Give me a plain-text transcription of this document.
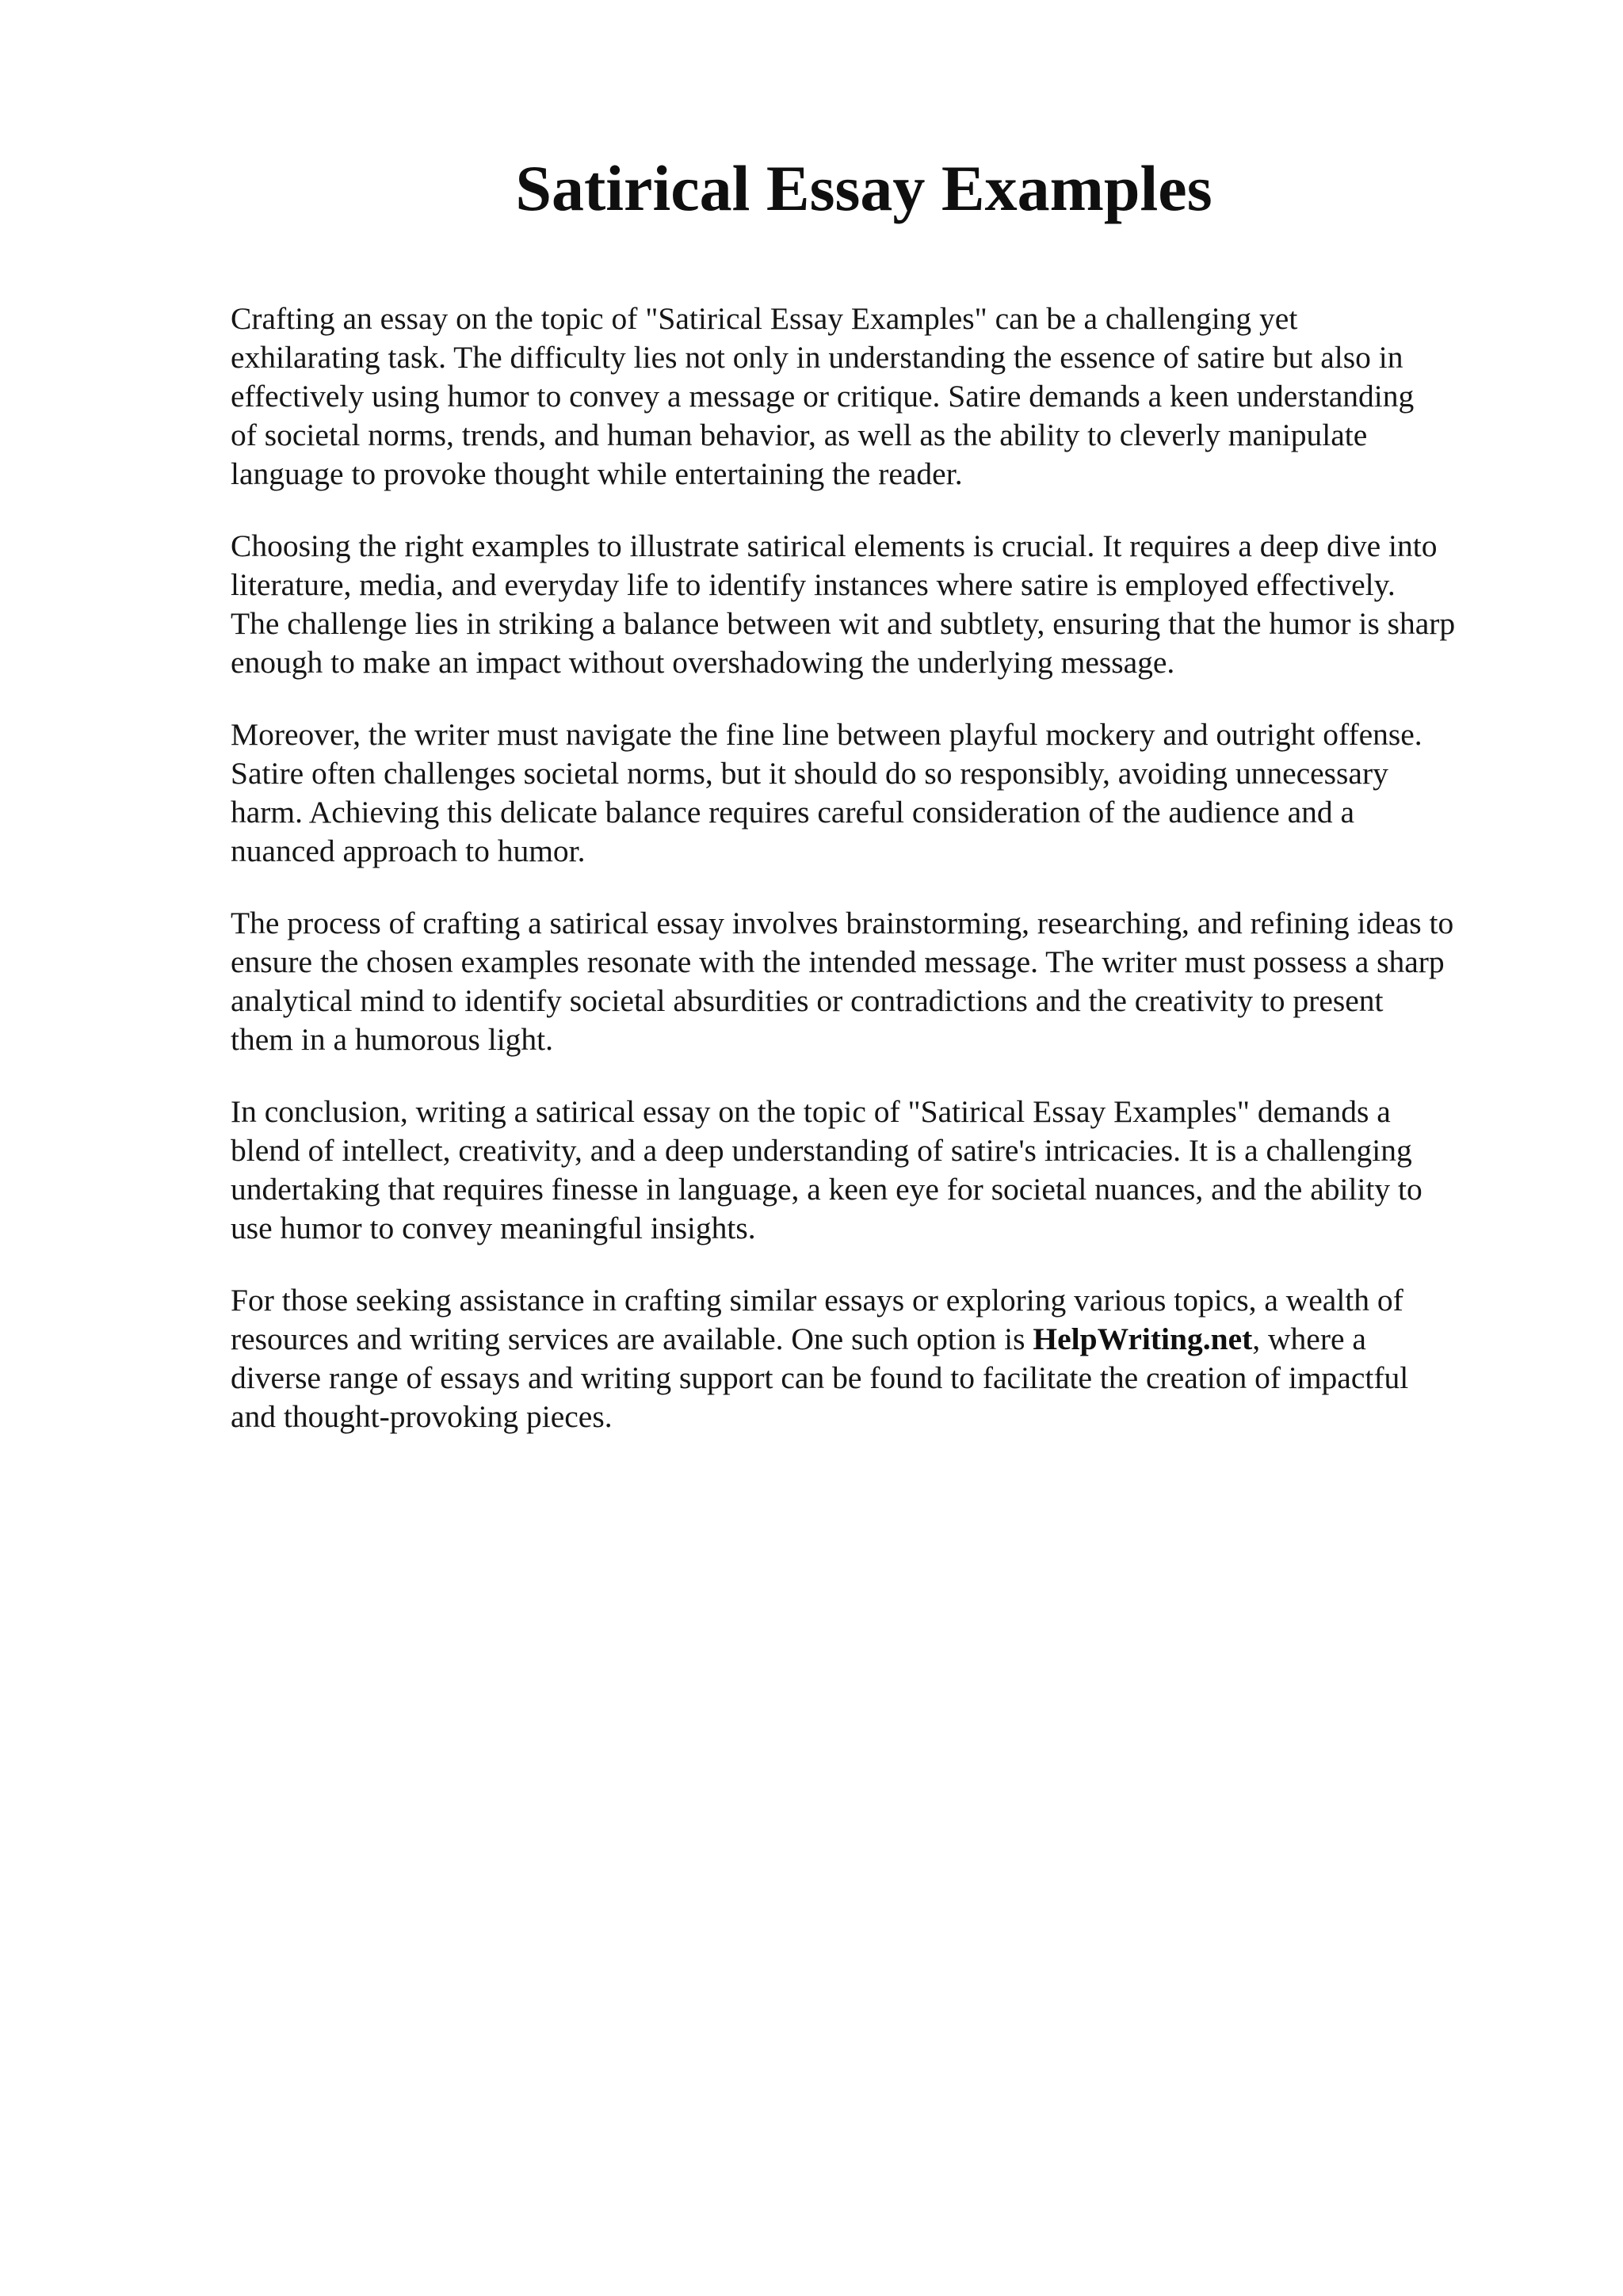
Satirical Essay Examples

Crafting an essay on the topic of "Satirical Essay Examples" can be a challenging yet
exhilarating task. The difficulty lies not only in understanding the essence of satire but also in
effectively using humor to convey a message or critique. Satire demands a keen understanding
of societal norms, trends, and human behavior, as well as the ability to cleverly manipulate
language to provoke thought while entertaining the reader.

Choosing the right examples to illustrate satirical elements is crucial. It requires a deep dive into
literature, media, and everyday life to identify instances where satire is employed effectively.
The challenge lies in striking a balance between wit and subtlety, ensuring that the humor is sharp
enough to make an impact without overshadowing the underlying message.

Moreover, the writer must navigate the fine line between playful mockery and outright offense.
Satire often challenges societal norms, but it should do so responsibly, avoiding unnecessary
harm. Achieving this delicate balance requires careful consideration of the audience and a
nuanced approach to humor.

The process of crafting a satirical essay involves brainstorming, researching, and refining ideas to
ensure the chosen examples resonate with the intended message. The writer must possess a sharp
analytical mind to identify societal absurdities or contradictions and the creativity to present
them in a humorous light.

In conclusion, writing a satirical essay on the topic of "Satirical Essay Examples" demands a
blend of intellect, creativity, and a deep understanding of satire's intricacies. It is a challenging
undertaking that requires finesse in language, a keen eye for societal nuances, and the ability to
use humor to convey meaningful insights.

For those seeking assistance in crafting similar essays or exploring various topics, a wealth of
resources and writing services are available. One such option is HelpWriting.net, where a
diverse range of essays and writing support can be found to facilitate the creation of impactful
and thought-provoking pieces.
